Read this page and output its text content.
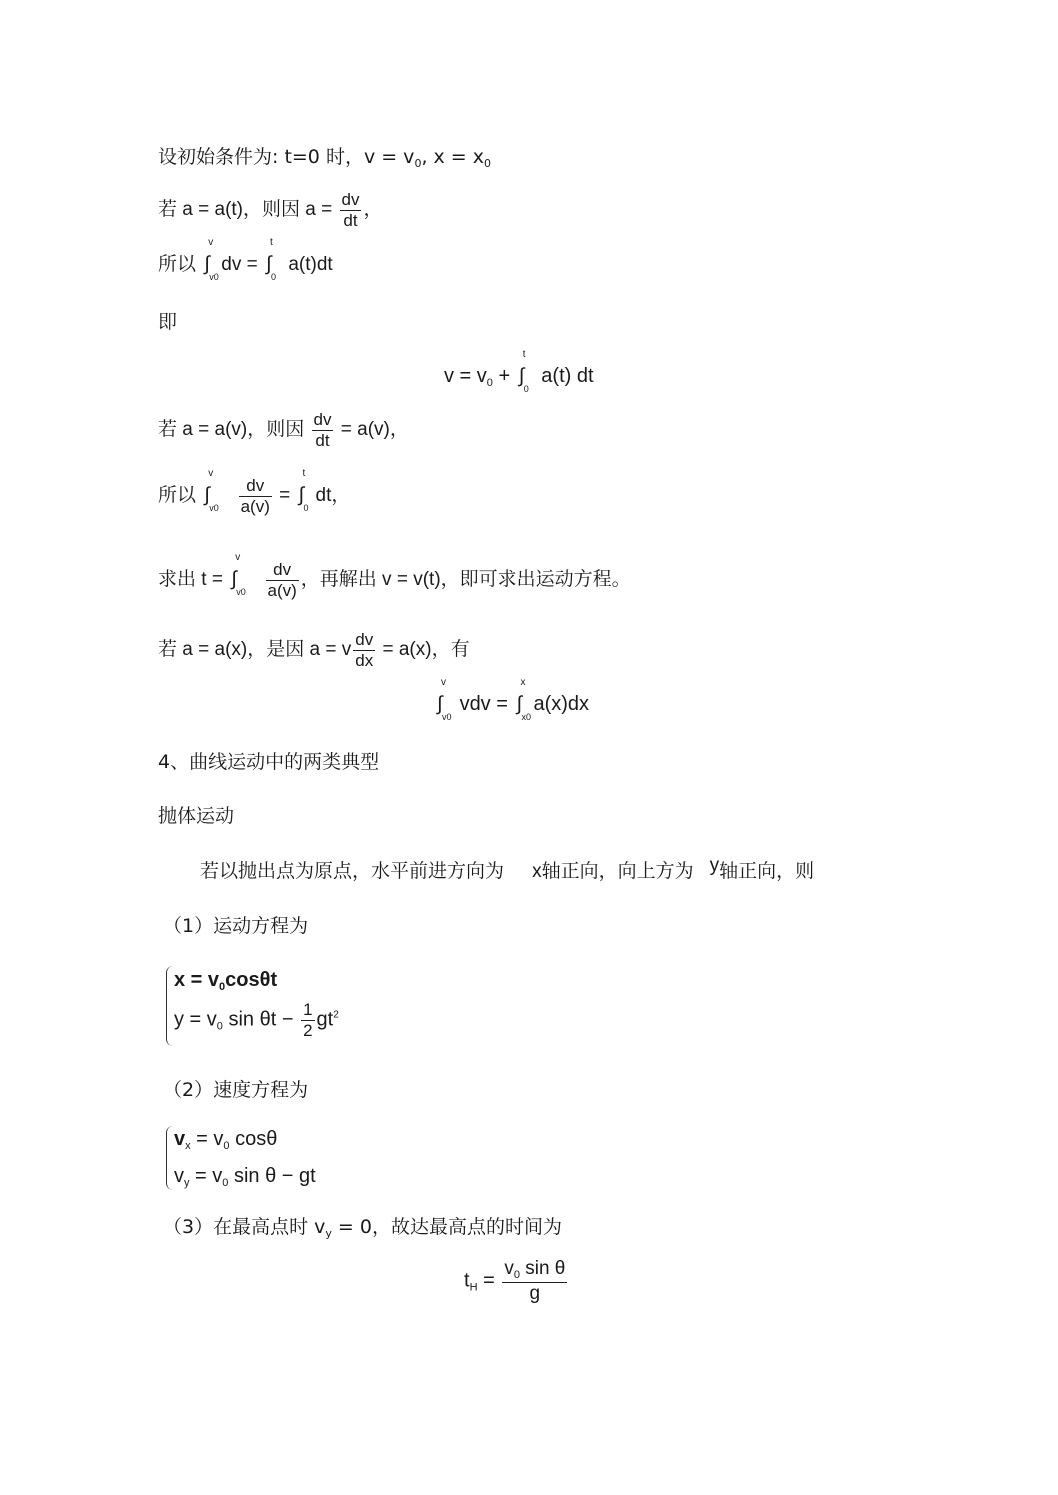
设初始条件为: t=0 时，$v = v_0$, $x = x_0$
若 a = a(t)，则因 $a = \frac{dv}{dt}$ ，
所以
v
∫
v0
dv =
t
∫
0
a(t)dt
即
$v = v_0$ +
t
∫
0
a(t) dt
若 a = a(v)，则因 $\frac{dv}{dt} = a(v)$，
所以
v
∫
v0
$\frac{dv}{a(v)}$ =
t
∫
0
dt，
求出 t =
v
∫
v0
$\frac{dv}{a(v)}$ ，再解出 v = v(t)，即可求出运动方程。
若 a = a(x)，是因 a = v $\frac{dv}{dx} = a(x)$，有
v
∫
v0
vdv =
x
∫
x0
a(x)dx
4、曲线运动中的两类典型
抛体运动
若以抛出点为原点，水平前进方向为 x轴正向，向上方为 y轴正向，则
（1）运动方程为
$x = v_0\cos\theta t$
$y = v_0$ $\sin \theta t - \frac{1}{2} gt^2$
（2）速度方程为
$v_x = v_0$ cosθ
$v_y = v_0$ sin θ − gt
（3）在最高点时 $v_y = 0$，故达最高点的时间为
$t_H = \frac{v_0 \sin \theta}{g}$
